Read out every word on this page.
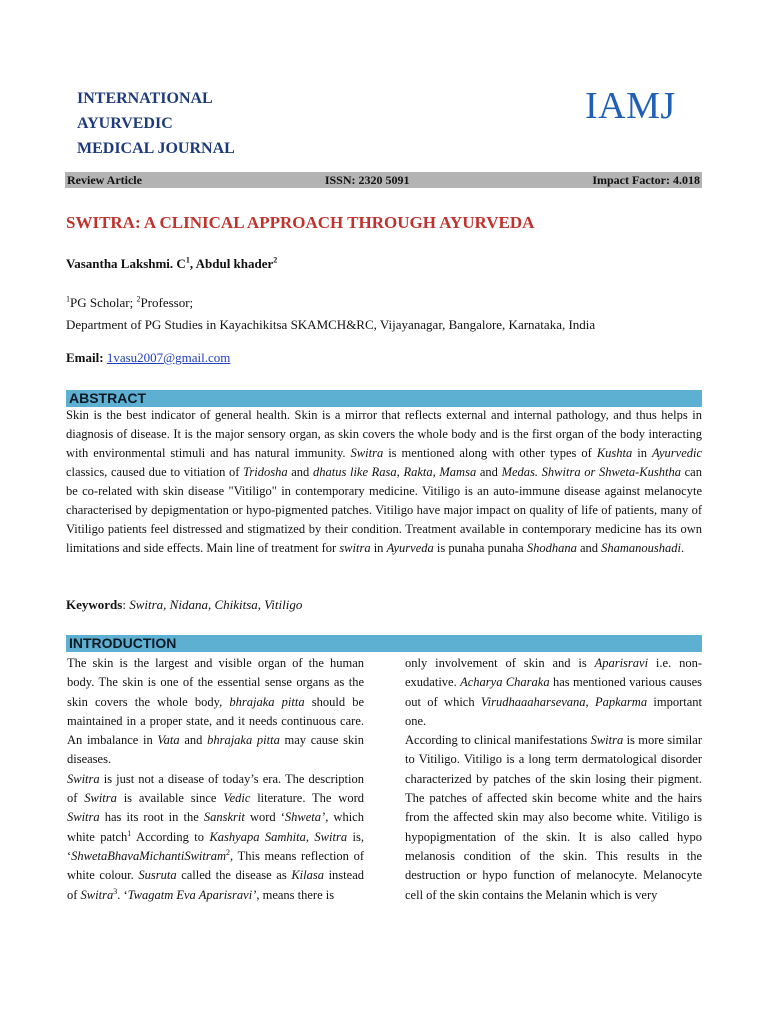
INTERNATIONAL
AYURVEDIC
MEDICAL JOURNAL
IAMJ
Review Article	ISSN: 2320 5091	Impact Factor: 4.018
SWITRA: A CLINICAL APPROACH THROUGH AYURVEDA
Vasantha Lakshmi. $C^1$, Abdul khader$^2$
$^1$PG Scholar; $^2$Professor;
Department of PG Studies in Kayachikitsa SKAMCH&RC, Vijayanagar, Bangalore, Karnataka, India
Email: 1vasu2007@gmail.com
ABSTRACT
Skin is the best indicator of general health. Skin is a mirror that reflects external and internal pathology, and thus helps in diagnosis of disease. It is the major sensory organ, as skin covers the whole body and is the first organ of the body interacting with environmental stimuli and has natural immunity. Switra is mentioned along with other types of Kushta in Ayurvedic classics, caused due to vitiation of Tridosha and dhatus like Rasa, Rakta, Mamsa and Medas. Shwitra or Shweta-Kushtha can be co-related with skin disease "Vitiligo" in contemporary medicine. Vitiligo is an auto-immune disease against melanocyte characterised by depigmentation or hypo-pigmented patches. Vitiligo have major impact on quality of life of patients, many of Vitiligo patients feel distressed and stigmatized by their condition. Treatment available in contemporary medicine has its own limitations and side effects. Main line of treatment for switra in Ayurveda is punaha punaha Shodhana and Shamanoushadi.
Keywords: Switra, Nidana, Chikitsa, Vitiligo
INTRODUCTION

The skin is the largest and visible organ of the human body. The skin is one of the essential sense organs as the skin covers the whole body, bhrajaka pitta should be maintained in a proper state, and it needs continuous care. An imbalance in Vata and bhrajaka pitta may cause skin diseases.

Switra is just not a disease of today’s era. The description of Switra is available since Vedic literature. The word Switra has its root in the Sanskrit word ‘Shweta’, which white patch$^1$ According to Kashyapa Samhita, Switra is, ‘ShwetaBhavaMichantiSwitram$^2$, This means reflection of white colour. Susruta called the disease as Kilasa instead of Switra$^3$. ‘Twagatm Eva Aparisravi’, means there is

only involvement of skin and is Aparisravi i.e. non-exudative. Acharya Charaka has mentioned various causes out of which Virudhaaaharsevana, Papkarma important one.

According to clinical manifestations Switra is more similar to Vitiligo. Vitiligo is a long term dermatological disorder characterized by patches of the skin losing their pigment. The patches of affected skin become white and the hairs from the affected skin may also become white. Vitiligo is hypopigmentation of the skin. It is also called hypo melanosis condition of the skin. This results in the destruction or hypo function of melanocyte. Melanocyte cell of the skin contains the Melanin which is very
